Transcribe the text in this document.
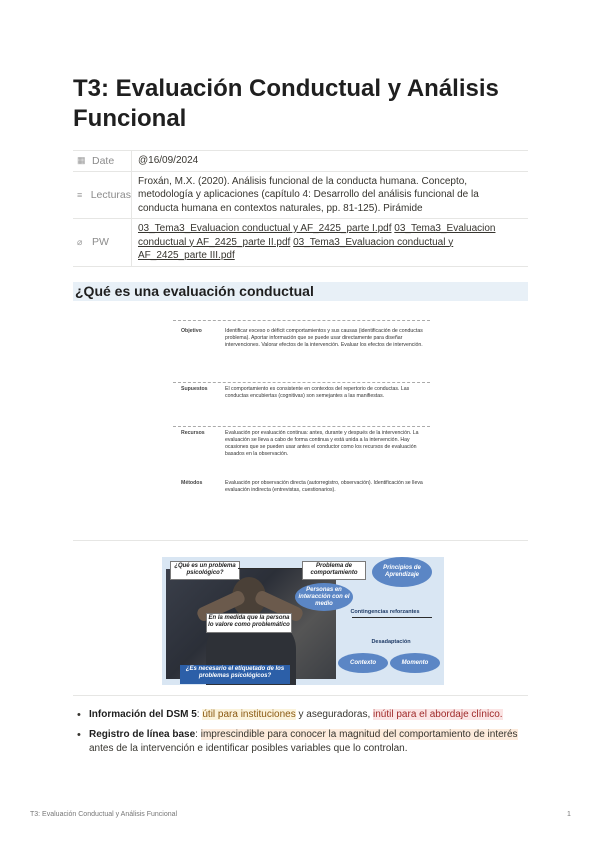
T3: Evaluación Conductual y Análisis Funcional
▦ Date	@16/09/2024
≡ Lecturas
Froxán, M.X. (2020). Análisis funcional de la conducta humana. Concepto, metodología y aplicaciones (capítulo 4: Desarrollo del análisis funcional de la conducta humana en contextos naturales, pp. 81-125). Pirámide
⌀ PW
03_Tema3_Evaluacion conductual y AF_2425_parte I.pdf 03_Tema3_Evaluacion conductual y AF_2425_parte II.pdf 03_Tema3_Evaluacion conductual y AF_2425_parte III.pdf
¿Qué es una evaluación conductual
Objetivo	Identificar exceso o déficit comportamientos y sus causas (identificación de conductas problema). Aportar información que se puede usar directamente para diseñar intervenciones. Valorar efectos de la intervención. Evaluar los efectos de intervención.
Supuestos	El comportamiento es consistente en contextos del repertorio de conductas. Las conductas encubiertas (cognitivas) son semejantes a las manifiestas.
Recursos	Evaluación por evaluación continua: antes, durante y después de la intervención. La evaluación se lleva a cabo de forma continua y está unida a la intervención. Hay ocasiones que se pueden usar antes el conductor como los recursos de evaluación basados en la observación.
Métodos	Evaluación por observación directa (autorregistro, observación). Identificación se lleva evaluación indirecta (entrevistas, cuestionarios).
¿Qué es un problema psicológico?
Problema de comportamiento
Principios de Aprendizaje
Personas en interacción con el medio
Contingencias reforzantes
En la medida que la persona lo valore como problemático
Desadaptación
Contexto	Momento
¿Es necesario el etiquetado de los problemas psicológicos?
• Información del DSM 5: útil para instituciones y aseguradoras, inútil para el abordaje clínico.
• Registro de línea base: imprescindible para conocer la magnitud del comportamiento de interés antes de la intervención e identificar posibles variables que lo controlan.
T3: Evaluación Conductual y Análisis Funcional	1
